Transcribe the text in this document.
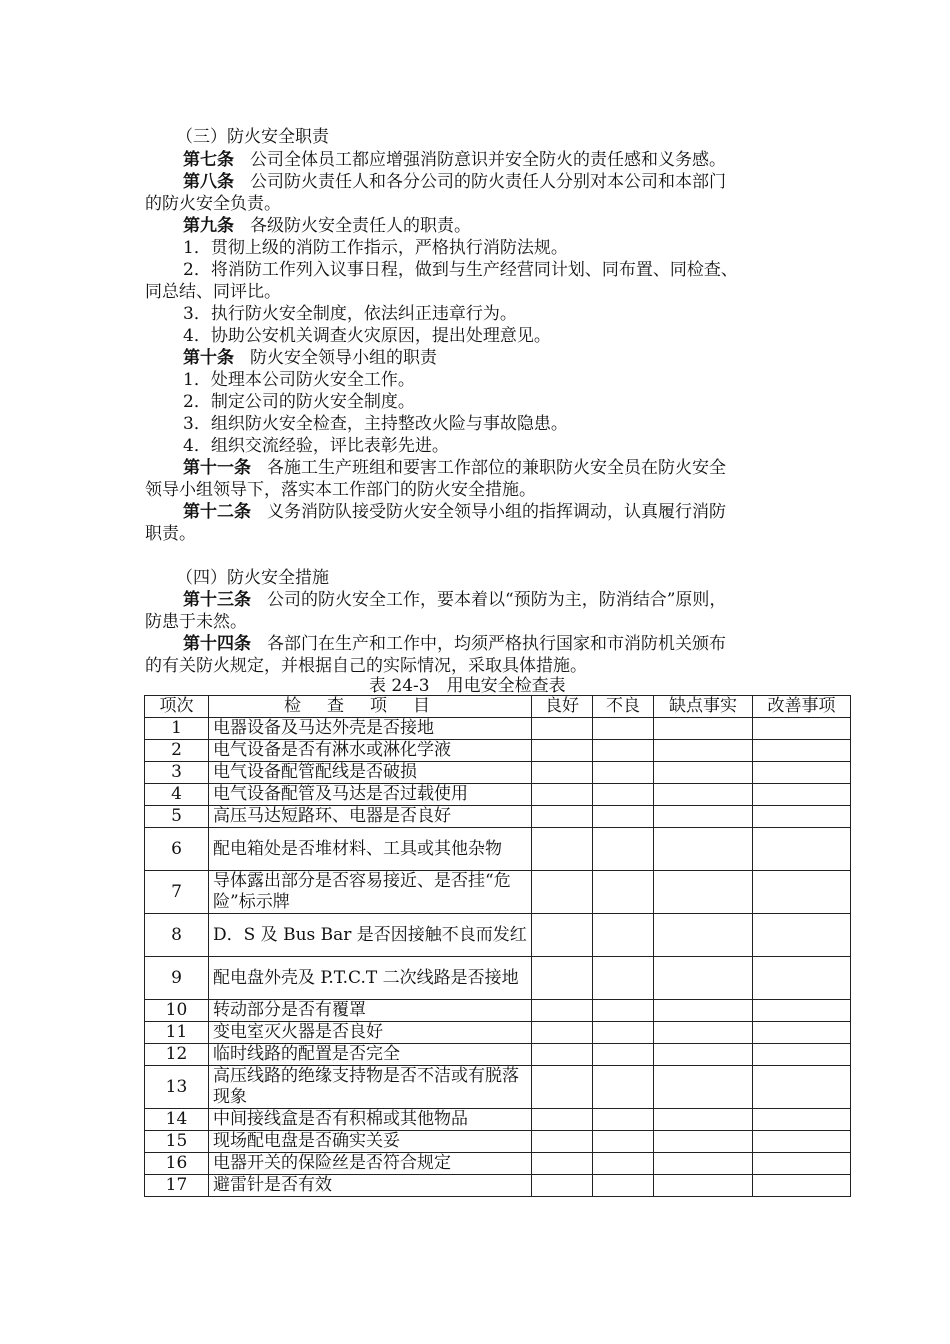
（三）防火安全职责
第七条 公司全体员工都应增强消防意识并安全防火的责任感和义务感。
第八条 公司防火责任人和各分公司的防火责任人分别对本公司和本部门
的防火安全负责。
第九条 各级防火安全责任人的职责。
1．贯彻上级的消防工作指示，严格执行消防法规。
2．将消防工作列入议事日程，做到与生产经营同计划、同布置、同检查、
同总结、同评比。
3．执行防火安全制度，依法纠正违章行为。
4．协助公安机关调查火灾原因，提出处理意见。
第十条 防火安全领导小组的职责
1．处理本公司防火安全工作。
2．制定公司的防火安全制度。
3．组织防火安全检查，主持整改火险与事故隐患。
4．组织交流经验，评比表彰先进。
第十一条 各施工生产班组和要害工作部位的兼职防火安全员在防火安全
领导小组领导下，落实本工作部门的防火安全措施。
第十二条 义务消防队接受防火安全领导小组的指挥调动，认真履行消防
职责。
（四）防火安全措施
第十三条 公司的防火安全工作，要本着以“预防为主，防消结合”原则，
防患于未然。
第十四条 各部门在生产和工作中，均须严格执行国家和市消防机关颁布
的有关防火规定，并根据自己的实际情况，采取具体措施。
表 24-3　用电安全检查表
项次	检查项目	良好	不良	缺点事实	改善事项
1	电器设备及马达外壳是否接地				
2	电气设备是否有淋水或淋化学液				
3	电气设备配管配线是否破损				
4	电气设备配管及马达是否过载使用				
5	高压马达短路环、电器是否良好				
6	配电箱处是否堆材料、工具或其他杂物				
7	导体露出部分是否容易接近、是否挂“危险”标示牌				
8	D．S 及 Bus Bar 是否因接触不良而发红				
9	配电盘外壳及 P.T.C.T 二次线路是否接地				
10	转动部分是否有覆罩				
11	变电室灭火器是否良好				
12	临时线路的配置是否完全				
13	高压线路的绝缘支持物是否不洁或有脱落现象				
14	中间接线盒是否有积棉或其他物品				
15	现场配电盘是否确实关妥				
16	电器开关的保险丝是否符合规定				
17	避雷针是否有效				
